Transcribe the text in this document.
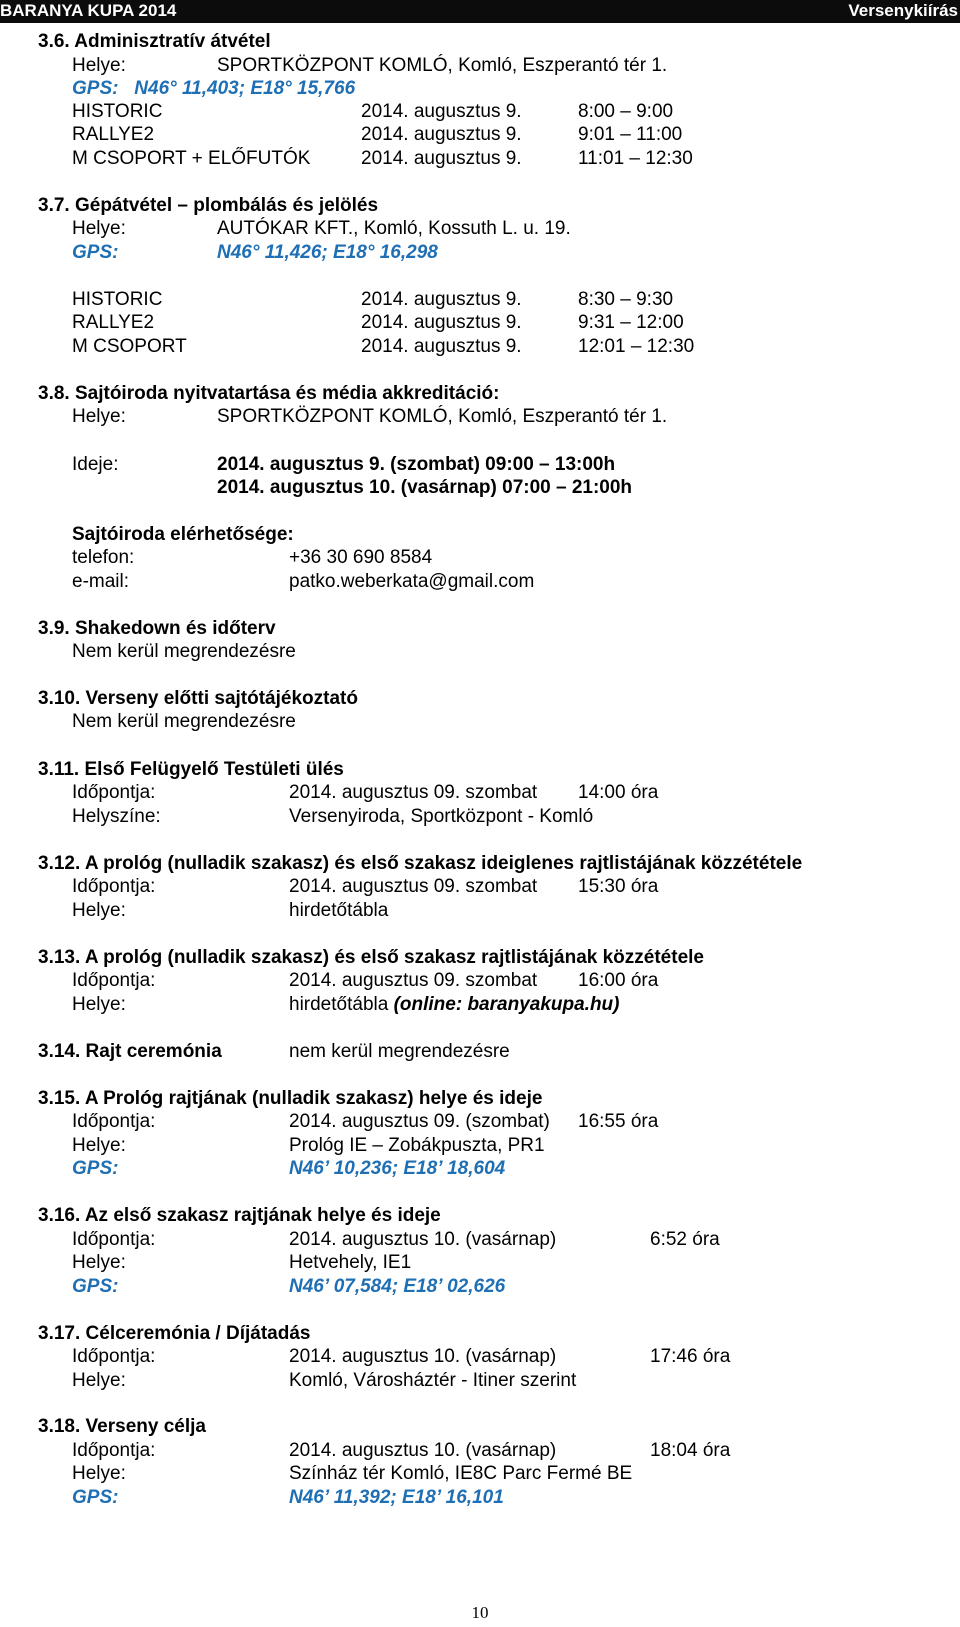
BARANYA KUPA 2014	Versenykiírás
3.6. Adminisztratív átvétel
Helye:	SPORTKÖZPONT KOMLÓ, Komló, Eszperantó tér 1.
GPS: N46° 11,403; E18° 15,766
HISTORIC	2014. augusztus 9.	8:00 – 9:00
RALLYE2	2014. augusztus 9.	9:01 – 11:00
M CSOPORT + ELŐFUTÓK	2014. augusztus 9.	11:01 – 12:30
3.7. Gépátvétel – plombálás és jelölés
Helye:	AUTÓKAR KFT., Komló, Kossuth L. u. 19.
GPS:	N46° 11,426; E18° 16,298
HISTORIC	2014. augusztus 9.	8:30 – 9:30
RALLYE2	2014. augusztus 9.	9:31 – 12:00
M CSOPORT	2014. augusztus 9.	12:01 – 12:30
3.8. Sajtóiroda nyitvatartása és média akkreditáció:
Helye:	SPORTKÖZPONT KOMLÓ, Komló, Eszperantó tér 1.
Ideje:	2014. augusztus 9. (szombat) 09:00 – 13:00h
2014. augusztus 10. (vasárnap) 07:00 – 21:00h
Sajtóiroda elérhetősége:
telefon:	+36 30 690 8584
e-mail:	patko.weberkata@gmail.com
3.9. Shakedown és időterv
Nem kerül megrendezésre
3.10. Verseny előtti sajtótájékoztató
Nem kerül megrendezésre
3.11. Első Felügyelő Testületi ülés
Időpontja:	2014. augusztus 09. szombat 14:00 óra
Helyszíne:	Versenyiroda, Sportközpont - Komló
3.12. A prológ (nulladik szakasz) és első szakasz ideiglenes rajtlistájának közzététele
Időpontja:	2014. augusztus 09. szombat 15:30 óra
Helye:	hirdetőtábla
3.13. A prológ (nulladik szakasz) és első szakasz rajtlistájának közzététele
Időpontja:	2014. augusztus 09. szombat 16:00 óra
Helye:	hirdetőtábla (online: baranyakupa.hu)
3.14. Rajt ceremónia	nem kerül megrendezésre
3.15. A Prológ rajtjának (nulladik szakasz) helye és ideje
Időpontja:	2014. augusztus 09. (szombat) 16:55 óra
Helye:	Prológ IE – Zobákpuszta, PR1
GPS:	N46’ 10,236; E18’ 18,604
3.16. Az első szakasz rajtjának helye és ideje
Időpontja:	2014. augusztus 10. (vasárnap)	6:52 óra
Helye:	Hetvehely, IE1
GPS:	N46’ 07,584; E18’ 02,626
3.17. Célceremónia / Díjátadás
Időpontja:	2014. augusztus 10. (vasárnap)	17:46 óra
Helye:	Komló, Városháztér - Itiner szerint
3.18. Verseny célja
Időpontja:	2014. augusztus 10. (vasárnap)	18:04 óra
Helye:	Színház tér Komló, IE8C Parc Fermé BE
GPS:	N46’ 11,392; E18’ 16,101
10
